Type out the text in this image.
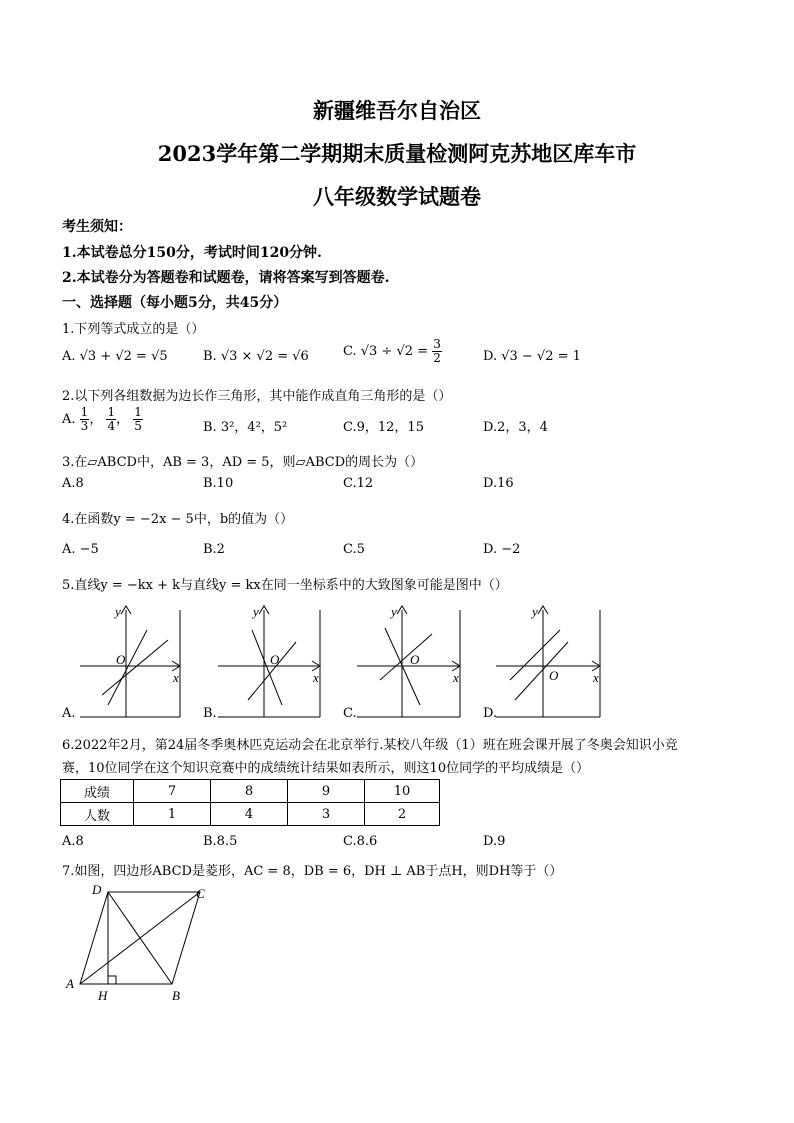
新疆维吾尔自治区
2023学年第二学期期末质量检测阿克苏地区库车市
八年级数学试题卷
考生须知：
1.本试卷总分150分，考试时间120分钟.
2.本试卷分为答题卷和试题卷，请将答案写到答题卷.
一、选择题（每小题5分，共45分）
1.下列等式成立的是（）
A. √3 + √2 = √5	B. √3 × √2 = √6	C. $√3 \div √2 = \frac{3}{2}$	D. √3 − √2 = 1
2.以下列各组数据为边长作三角形，其中能作成直角三角形的是（）
A. $\frac{1}{3}$ ， $\frac{1}{4}$ ， $\frac{1}{5}$	B. 3²，4²，5²	C.9，12，15	D.2，3，4
3.在▱ABCD中，AB = 3，AD = 5，则▱ABCD的周长为（）
A.8	B.10	C.12	D.16
4.在函数y = −2x − 5中，b的值为（）
A. −5	B.2	C.5	D. −2
5.直线y = −kx + k与直线y = kx在同一坐标系中的大致图象可能是图中（）
y
x
O
y
x
O
y
x
O
y
x
O
A.	B.	C.	D.
6.2022年2月，第24届冬季奥林匹克运动会在北京举行.某校八年级（1）班在班会课开展了冬奥会知识小竞
赛，10位同学在这个知识竞赛中的成绩统计结果如表所示，则这10位同学的平均成绩是（）
成绩	7	8	9	10
人数	1	4	3	2
A.8	B.8.5	C.8.6	D.9
7.如图，四边形ABCD是菱形，AC = 8，DB = 6，DH ⊥ AB于点H，则DH等于（）
A
B
C
D
H
